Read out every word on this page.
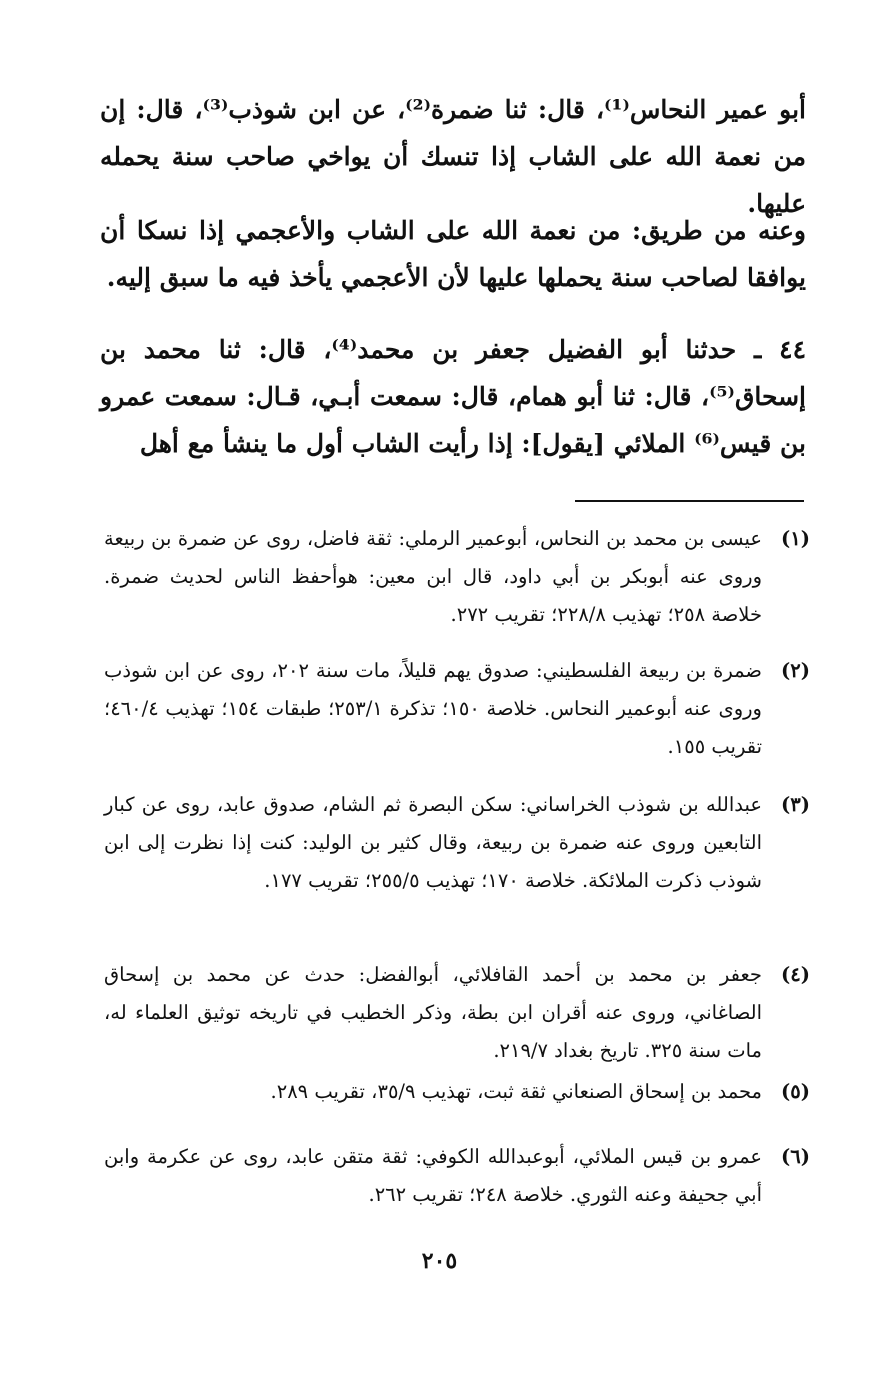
أبو عمير النحاس⁽¹⁾، قال: ثنا ضمرة⁽²⁾، عن ابن شوذب⁽³⁾، قال: إن من نعمة الله على الشاب إذا تنسك أن يواخي صاحب سنة يحمله عليها.
وعنه من طريق: من نعمة الله على الشاب والأعجمي إذا نسكا أن يوافقا لصاحب سنة يحملها عليها لأن الأعجمي يأخذ فيه ما سبق إليه.
٤٤ ـ حدثنا أبو الفضيل جعفر بن محمد⁽⁴⁾، قال: ثنا محمد بن إسحاق⁽⁵⁾، قال: ثنا أبو همام، قال: سمعت أبـي، قـال: سمعت عمرو بن قيس⁽⁶⁾ الملائي [يقول]: إذا رأيت الشاب أول ما ينشأ مع أهل
(١)
عيسى بن محمد بن النحاس، أبوعمير الرملي: ثقة فاضل، روى عن ضمرة بن ربيعة وروى عنه أبوبكر بن أبي داود، قال ابن معين: هوأحفظ الناس لحديث ضمرة. خلاصة ٢٥٨؛ تهذيب ٢٢٨/٨؛ تقريب ٢٧٢.
(٢)
ضمرة بن ربيعة الفلسطيني: صدوق يهم قليلاً، مات سنة ٢٠٢، روى عن ابن شوذب وروى عنه أبوعمير النحاس. خلاصة ١٥٠؛ تذكرة ٢٥٣/١؛ طبقات ١٥٤؛ تهذيب ٤٦٠/٤؛ تقريب ١٥٥.
(٣)
عبدالله بن شوذب الخراساني: سكن البصرة ثم الشام، صدوق عابد، روى عن كبار التابعين وروى عنه ضمرة بن ربيعة، وقال كثير بن الوليد: كنت إذا نظرت إلى ابن شوذب ذكرت الملائكة. خلاصة ١٧٠؛ تهذيب ٢٥٥/٥؛ تقريب ١٧٧.
(٤)
جعفر بن محمد بن أحمد القافلائي، أبوالفضل: حدث عن محمد بن إسحاق الصاغاني، وروى عنه أقران ابن بطة، وذكر الخطيب في تاريخه توثيق العلماء له، مات سنة ٣٢٥. تاريخ بغداد ٢١٩/٧.
(٥)
محمد بن إسحاق الصنعاني ثقة ثبت، تهذيب ٣٥/٩، تقريب ٢٨٩.
(٦)
عمرو بن قيس الملائي، أبوعبدالله الكوفي: ثقة متقن عابد، روى عن عكرمة وابن أبي جحيفة وعنه الثوري. خلاصة ٢٤٨؛ تقريب ٢٦٢.
٢٠٥
